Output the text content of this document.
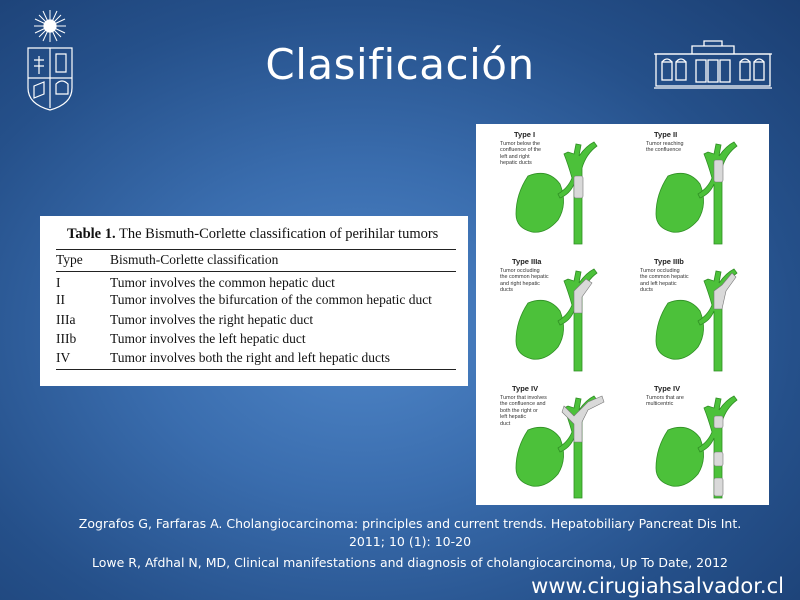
Clasificación
Table 1. The Bismuth-Corlette classification of perihilar tumors
Type	Bismuth-Corlette classification
I	Tumor involves the common hepatic duct
II	Tumor involves the bifurcation of the common hepatic duct
IIIa	Tumor involves the right hepatic duct
IIIb	Tumor involves the left hepatic duct
IV	Tumor involves both the right and left hepatic ducts
Type I
Tumor below the
confluence of the
left and right
hepatic ducts
Type II
Tumor reaching
the confluence
Type IIIa
Tumor occluding
the common hepatic
and right hepatic
ducts
Type IIIb
Tumor occluding
the common hepatic
and left hepatic
ducts
Type IV
Tumor that involves
the confluence and
both the right or
left hepatic
duct
Type IV
Tumors that are
multicentric
Zografos G, Farfaras A. Cholangiocarcinoma: principles and current trends. Hepatobiliary Pancreat Dis Int.
2011; 10 (1): 10-20
Lowe R, Afdhal N, MD, Clinical manifestations and diagnosis of cholangiocarcinoma, Up To Date, 2012
www.cirugiahsalvador.cl
